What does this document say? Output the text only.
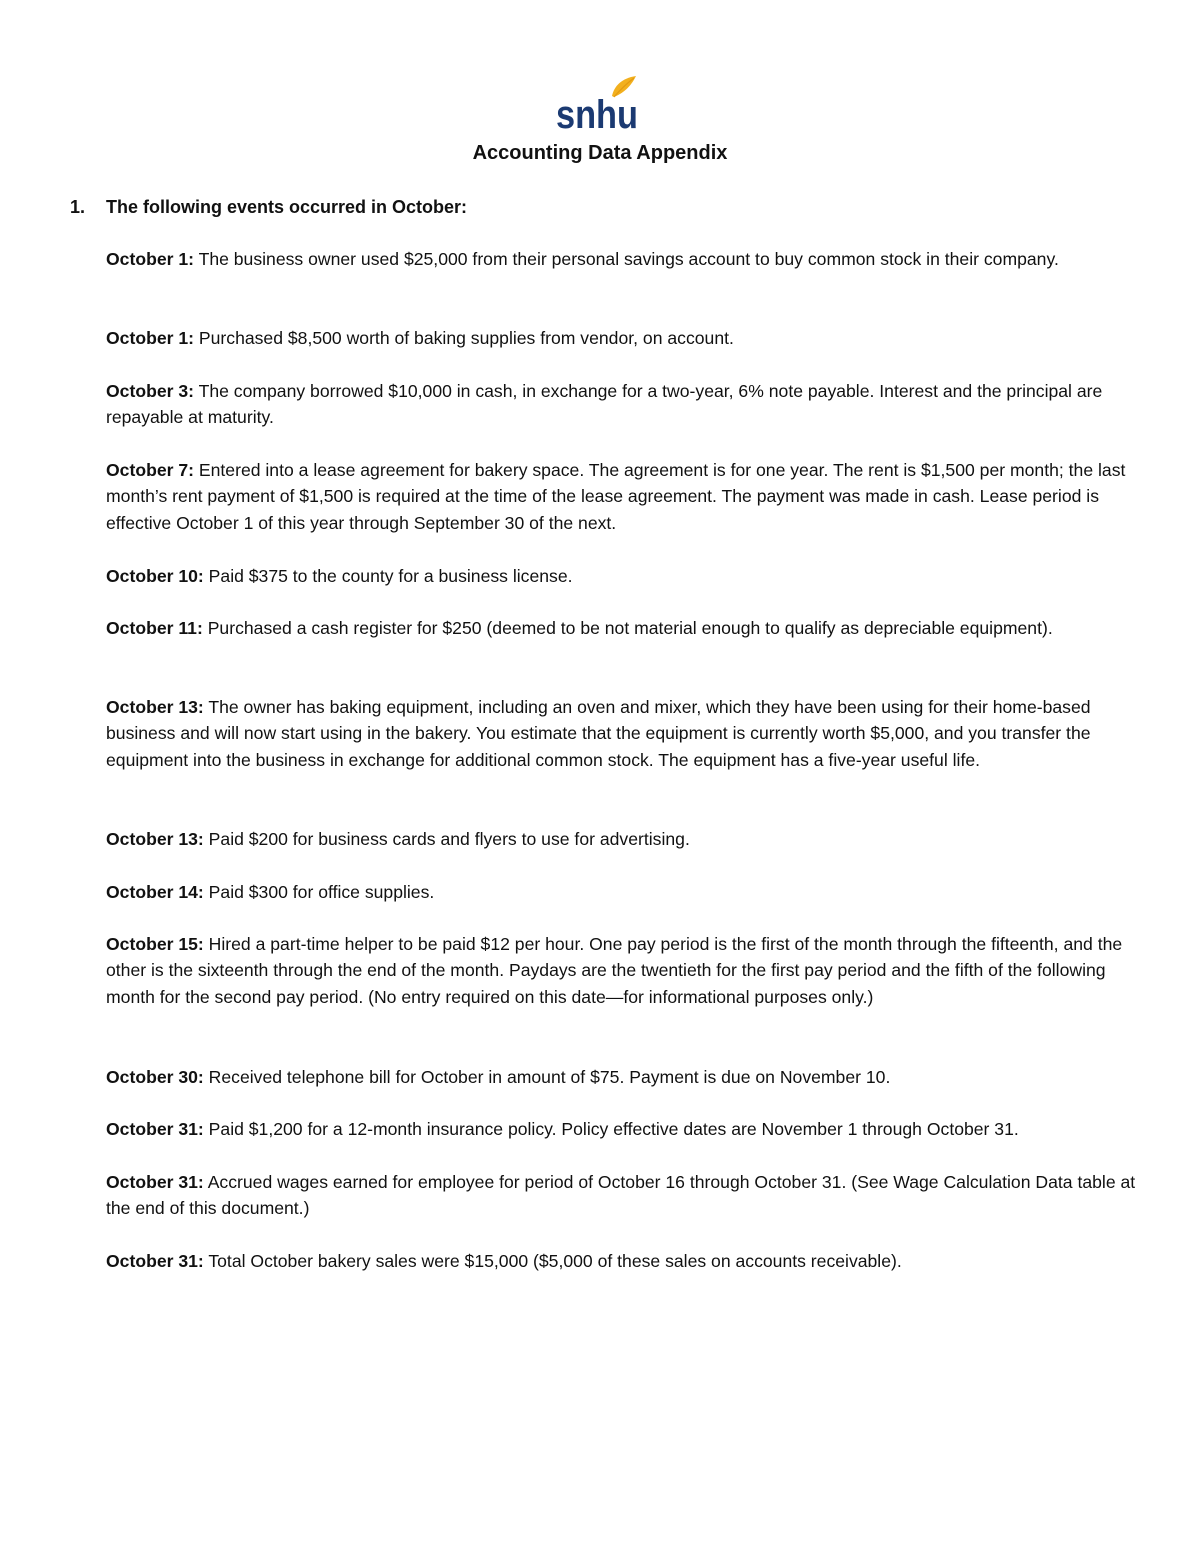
snhu
Accounting Data Appendix

1. The following events occurred in October:

October 1: The business owner used $25,000 from their personal savings account to buy common stock in their company.

October 1: Purchased $8,500 worth of baking supplies from vendor, on account.

October 3: The company borrowed $10,000 in cash, in exchange for a two-year, 6% note payable. Interest and the principal are repayable at maturity.

October 7: Entered into a lease agreement for bakery space. The agreement is for one year. The rent is $1,500 per month; the last month’s rent payment of $1,500 is required at the time of the lease agreement. The payment was made in cash. Lease period is effective October 1 of this year through September 30 of the next.

October 10: Paid $375 to the county for a business license.

October 11: Purchased a cash register for $250 (deemed to be not material enough to qualify as depreciable equipment).

October 13: The owner has baking equipment, including an oven and mixer, which they have been using for their home-based business and will now start using in the bakery. You estimate that the equipment is currently worth $5,000, and you transfer the equipment into the business in exchange for additional common stock. The equipment has a five-year useful life.

October 13: Paid $200 for business cards and flyers to use for advertising.

October 14: Paid $300 for office supplies.

October 15: Hired a part-time helper to be paid $12 per hour. One pay period is the first of the month through the fifteenth, and the other is the sixteenth through the end of the month. Paydays are the twentieth for the first pay period and the fifth of the following month for the second pay period. (No entry required on this date—for informational purposes only.)

October 30: Received telephone bill for October in amount of $75. Payment is due on November 10.

October 31: Paid $1,200 for a 12-month insurance policy. Policy effective dates are November 1 through October 31.

October 31: Accrued wages earned for employee for period of October 16 through October 31. (See Wage Calculation Data table at the end of this document.)

October 31: Total October bakery sales were $15,000 ($5,000 of these sales on accounts receivable).
